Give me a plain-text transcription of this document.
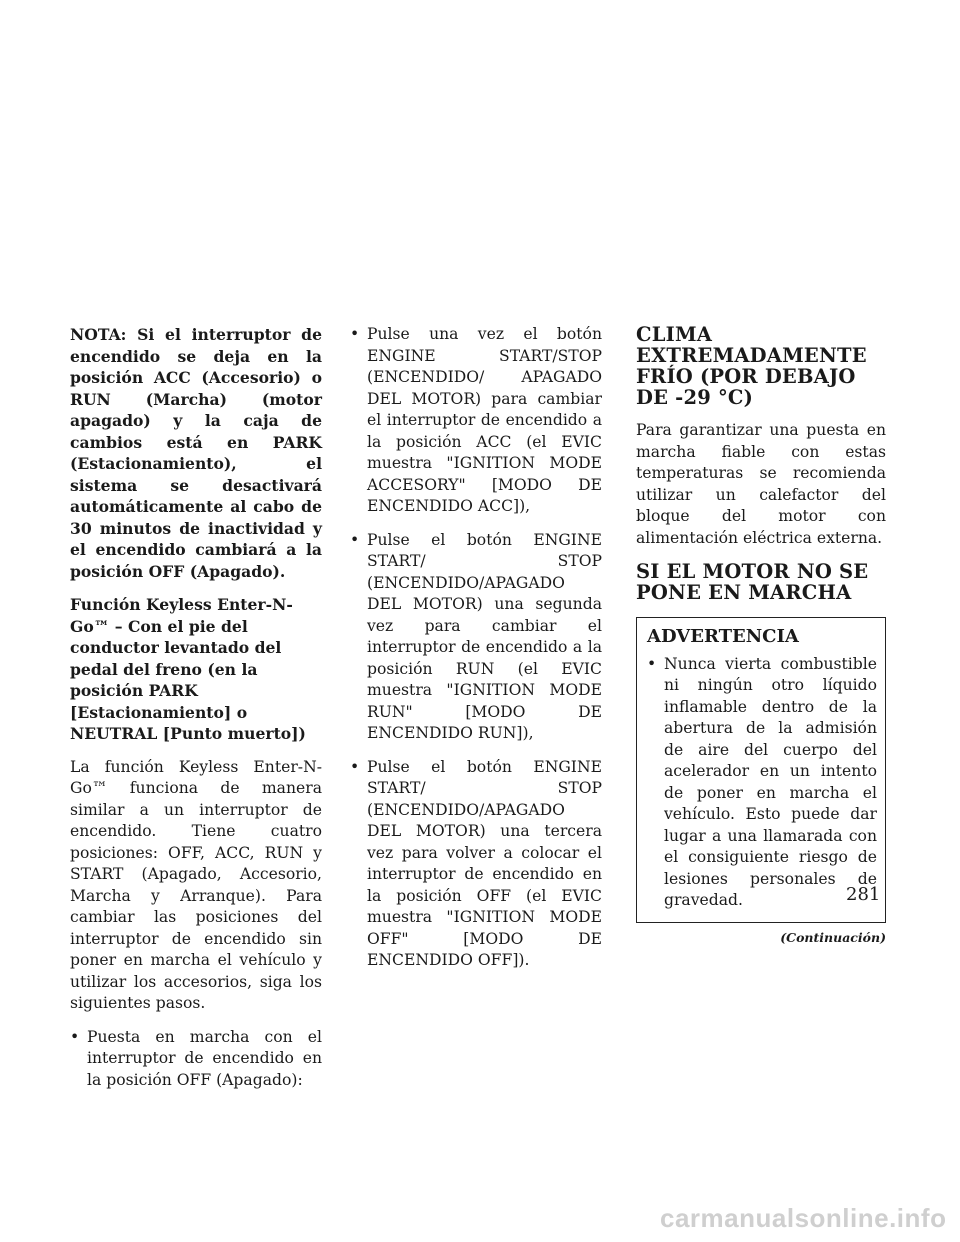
NOTA: Si el interruptor de encendido se deja en la posición ACC (Accesorio) o RUN (Marcha) (motor apagado) y la caja de cambios está en PARK (Estacionamiento), el sistema se desactivará automáticamente al cabo de 30 minutos de inactividad y el encendido cambiará a la posición OFF (Apagado).

Función Keyless Enter-N-Go™ – Con el pie del conductor levantado del pedal del freno (en la posición PARK [Estacionamiento] o NEUTRAL [Punto muerto])

La función Keyless Enter-N-Go™ funciona de manera similar a un interruptor de encendido. Tiene cuatro posiciones: OFF, ACC, RUN y START (Apagado, Accesorio, Marcha y Arranque). Para cambiar las posiciones del interruptor de encendido sin poner en marcha el vehículo y utilizar los accesorios, siga los siguientes pasos.

• Puesta en marcha con el interruptor de encendido en la posición OFF (Apagado):
• Pulse una vez el botón ENGINE START/STOP (ENCENDIDO/ APAGADO DEL MOTOR) para cambiar el interruptor de encendido a la posición ACC (el EVIC muestra "IGNITION MODE ACCESORY" [MODO DE ENCENDIDO ACC]),
• Pulse el botón ENGINE START/ STOP (ENCENDIDO/APAGADO DEL MOTOR) una segunda vez para cambiar el interruptor de encendido a la posición RUN (el EVIC muestra "IGNITION MODE RUN" [MODO DE ENCENDIDO RUN]),
• Pulse el botón ENGINE START/ STOP (ENCENDIDO/APAGADO DEL MOTOR) una tercera vez para volver a colocar el interruptor de encendido en la posición OFF (el EVIC muestra "IGNITION MODE OFF" [MODO DE ENCENDIDO OFF]).
CLIMA EXTREMADAMENTE FRÍO (POR DEBAJO DE -29 °C)

Para garantizar una puesta en marcha fiable con estas temperaturas se recomienda utilizar un calefactor del bloque del motor con alimentación eléctrica externa.

SI EL MOTOR NO SE PONE EN MARCHA
ADVERTENCIA
• Nunca vierta combustible ni ningún otro líquido inflamable dentro de la abertura de la admisión de aire del cuerpo del acelerador en un intento de poner en marcha el vehículo. Esto puede dar lugar a una llamarada con el consiguiente riesgo de lesiones personales de gravedad.
(Continuación)
281
carmanualsonline.info
